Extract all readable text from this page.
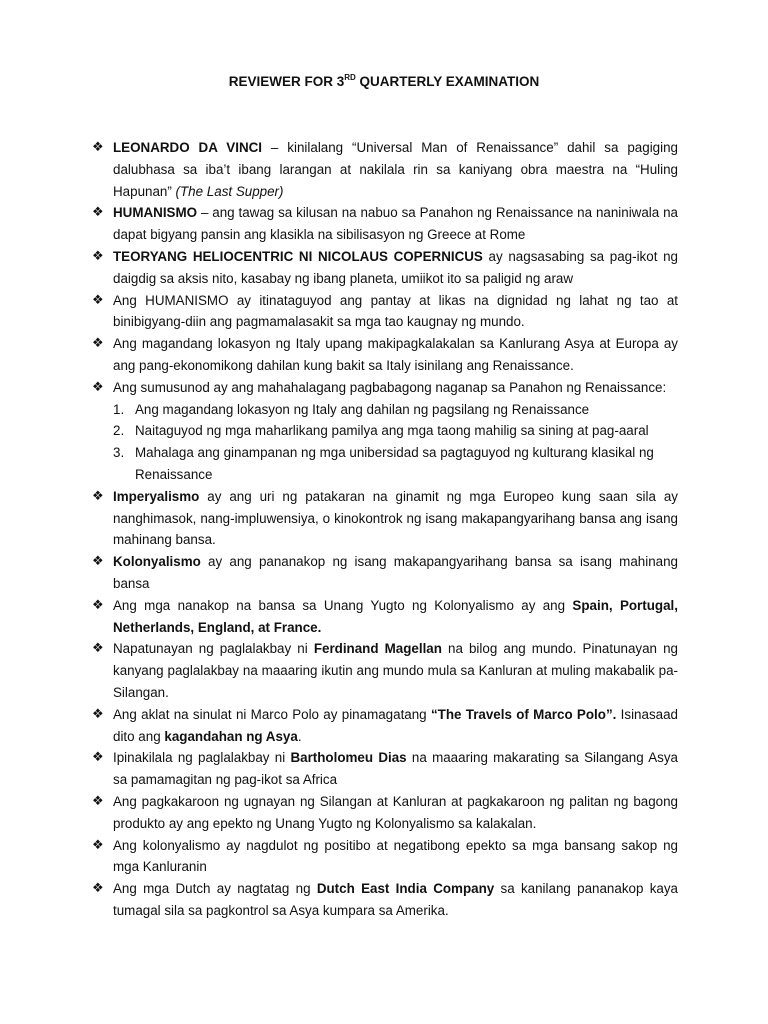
REVIEWER FOR 3RD QUARTERLY EXAMINATION
❖ LEONARDO DA VINCI – kinilalang “Universal Man of Renaissance” dahil sa pagiging dalubhasa sa iba’t ibang larangan at nakilala rin sa kaniyang obra maestra na “Huling Hapunan” (The Last Supper)
❖ HUMANISMO – ang tawag sa kilusan na nabuo sa Panahon ng Renaissance na naniniwala na dapat bigyang pansin ang klasikla na sibilisasyon ng Greece at Rome
❖ TEORYANG HELIOCENTRIC NI NICOLAUS COPERNICUS ay nagsasabing sa pag-ikot ng daigdig sa aksis nito, kasabay ng ibang planeta, umiikot ito sa paligid ng araw
❖ Ang HUMANISMO ay itinataguyod ang pantay at likas na dignidad ng lahat ng tao at binibigyang-diin ang pagmamalasakit sa mga tao kaugnay ng mundo.
❖ Ang magandang lokasyon ng Italy upang makipagkalakalan sa Kanlurang Asya at Europa ay ang pang-ekonomikong dahilan kung bakit sa Italy isinilang ang Renaissance.
❖ Ang sumusunod ay ang mahahalagang pagbabagong naganap sa Panahon ng Renaissance:
1. Ang magandang lokasyon ng Italy ang dahilan ng pagsilang ng Renaissance
2. Naitaguyod ng mga maharlikang pamilya ang mga taong mahilig sa sining at pag-aaral
3. Mahalaga ang ginampanan ng mga unibersidad sa pagtaguyod ng kulturang klasikal ng Renaissance
❖ Imperyalismo ay ang uri ng patakaran na ginamit ng mga Europeo kung saan sila ay nanghimasok, nang-impluwensiya, o kinokontrok ng isang makapangyarihang bansa ang isang mahinang bansa.
❖ Kolonyalismo ay ang pananakop ng isang makapangyarihang bansa sa isang mahinang bansa
❖ Ang mga nanakop na bansa sa Unang Yugto ng Kolonyalismo ay ang Spain, Portugal, Netherlands, England, at France.
❖ Napatunayan ng paglalakbay ni Ferdinand Magellan na bilog ang mundo. Pinatunayan ng kanyang paglalakbay na maaaring ikutin ang mundo mula sa Kanluran at muling makabalik pa-Silangan.
❖ Ang aklat na sinulat ni Marco Polo ay pinamagatang “The Travels of Marco Polo”. Isinasaad dito ang kagandahan ng Asya.
❖ Ipinakilala ng paglalakbay ni Bartholomeu Dias na maaaring makarating sa Silangang Asya sa pamamagitan ng pag-ikot sa Africa
❖ Ang pagkakaroon ng ugnayan ng Silangan at Kanluran at pagkakaroon ng palitan ng bagong produkto ay ang epekto ng Unang Yugto ng Kolonyalismo sa kalakalan.
❖ Ang kolonyalismo ay nagdulot ng positibo at negatibong epekto sa mga bansang sakop ng mga Kanluranin
❖ Ang mga Dutch ay nagtatag ng Dutch East India Company sa kanilang pananakop kaya tumagal sila sa pagkontrol sa Asya kumpara sa Amerika.
